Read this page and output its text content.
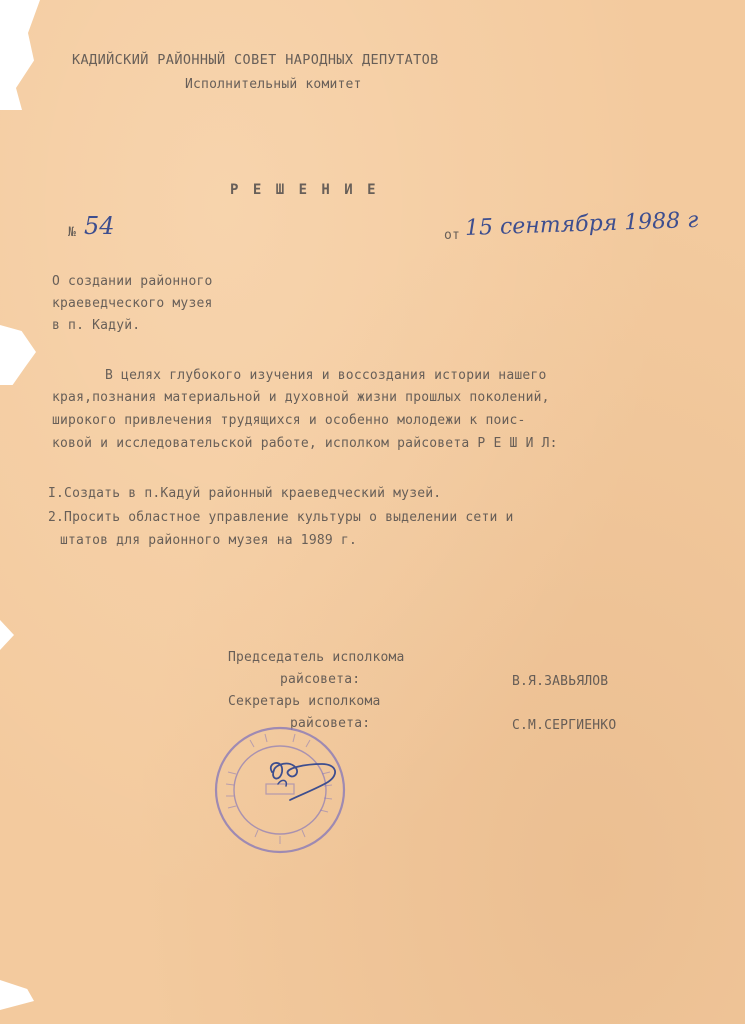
КАДИЙСКИЙ РАЙОННЫЙ СОВЕТ НАРОДНЫХ ДЕПУТАТОВ
Исполнительный комитет
Р Е Ш Е Н И Е
№ 54	от 15 сентября 1988 г
О создании районного
краеведческого музея
в п. Кадуй.
В целях глубокого изучения и воссоздания истории нашего
края,познания материальной и духовной жизни прошлых поколений,
широкого привлечения трудящихся и особенно молодежи к поис-
ковой и исследовательской работе, исполком райсовета Р Е Ш И Л:
I.Создать в п.Кадуй районный краеведческий музей.
2.Просить областное управление культуры о выделении сети и
штатов для районного музея на 1989 г.
Председатель исполкома
райсовета:	В.Я.ЗАВЬЯЛОВ
Секретарь исполкома
райсовета:	С.М.СЕРГИЕНКО
